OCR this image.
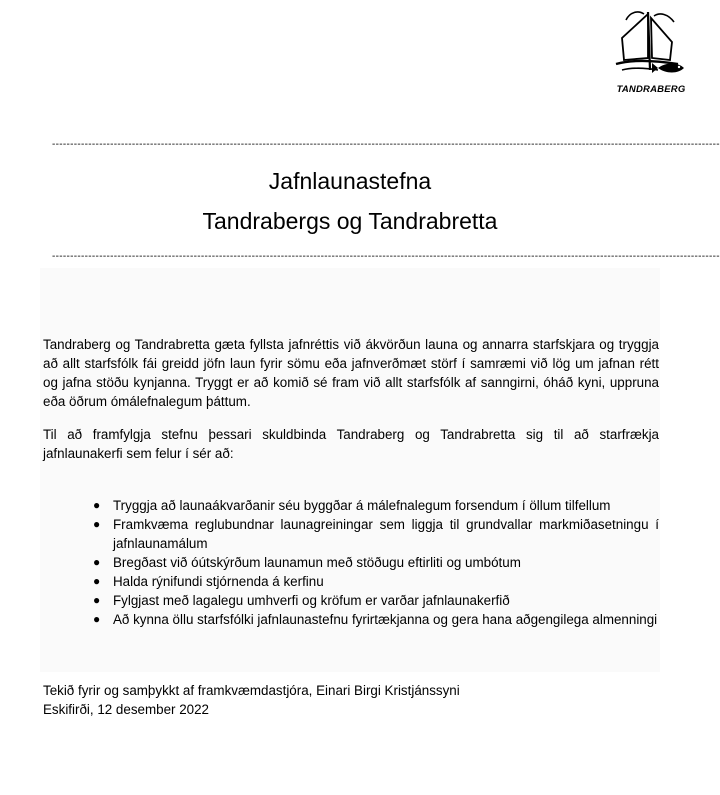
TANDRABERG
----------------------------------------------------------------------------------------------------------------------------------------------------------------------------------------
Jafnlaunastefna
Tandrabergs og Tandrabretta
----------------------------------------------------------------------------------------------------------------------------------------------------------------------------------------

Tandraberg og Tandrabretta gæta fyllsta jafnréttis við ákvörðun launa og annarra starfskjara og tryggja að allt starfsfólk fái greidd jöfn laun fyrir sömu eða jafnverðmæt störf í samræmi við lög um jafnan rétt og jafna stöðu kynjanna. Tryggt er að komið sé fram við allt starfsfólk af sanngirni, óháð kyni, uppruna eða öðrum ómálefnalegum þáttum.

Til að framfylgja stefnu þessari skuldbinda Tandraberg og Tandrabretta sig til að starfrækja jafnlaunakerfi sem felur í sér að:

● Tryggja að launaákvarðanir séu byggðar á málefnalegum forsendum í öllum tilfellum
● Framkvæma reglubundnar launagreiningar sem liggja til grundvallar markmiðasetningu í jafnlaunamálum
● Bregðast við óútskýrðum launamun með stöðugu eftirliti og umbótum
● Halda rýnifundi stjórnenda á kerfinu
● Fylgjast með lagalegu umhverfi og kröfum er varðar jafnlaunakerfið
● Að kynna öllu starfsfólki jafnlaunastefnu fyrirtækjanna og gera hana aðgengilega almenningi
Tekið fyrir og samþykkt af framkvæmdastjóra, Einari Birgi Kristjánssyni
Eskifirði, 12 desember 2022
